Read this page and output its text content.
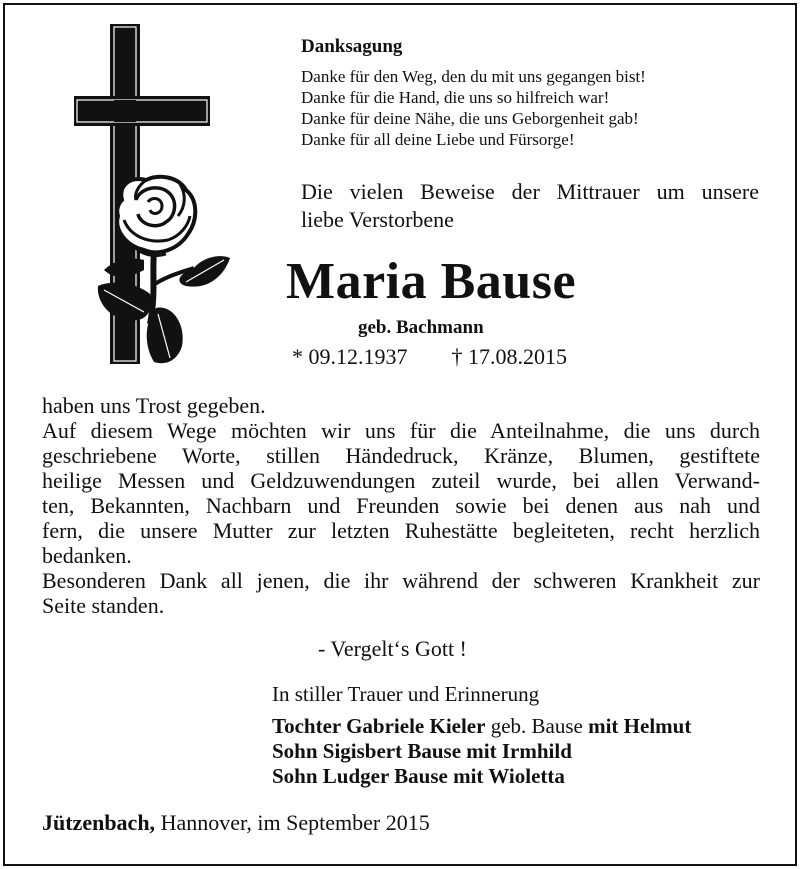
Danksagung
Danke für den Weg, den du mit uns gegangen bist!
Danke für die Hand, die uns so hilfreich war!
Danke für deine Nähe, die uns Geborgenheit gab!
Danke für all deine Liebe und Fürsorge!
Die vielen Beweise der Mittrauer um unsere
liebe Verstorbene
Maria Bause
geb. Bachmann
* 09.12.1937 † 17.08.2015
haben uns Trost gegeben.
Auf diesem Wege möchten wir uns für die Anteilnahme, die uns durch
geschriebene Worte, stillen Händedruck, Kränze, Blumen, gestiftete
heilige Messen und Geldzuwendungen zuteil wurde, bei allen Verwand-
ten, Bekannten, Nachbarn und Freunden sowie bei denen aus nah und
fern, die unsere Mutter zur letzten Ruhestätte begleiteten, recht herzlich
bedanken.
Besonderen Dank all jenen, die ihr während der schweren Krankheit zur
Seite standen.
- Vergelt‘s Gott !
In stiller Trauer und Erinnerung
Tochter Gabriele Kieler geb. Bause mit Helmut
Sohn Sigisbert Bause mit Irmhild
Sohn Ludger Bause mit Wioletta
Jützenbach, Hannover, im September 2015
